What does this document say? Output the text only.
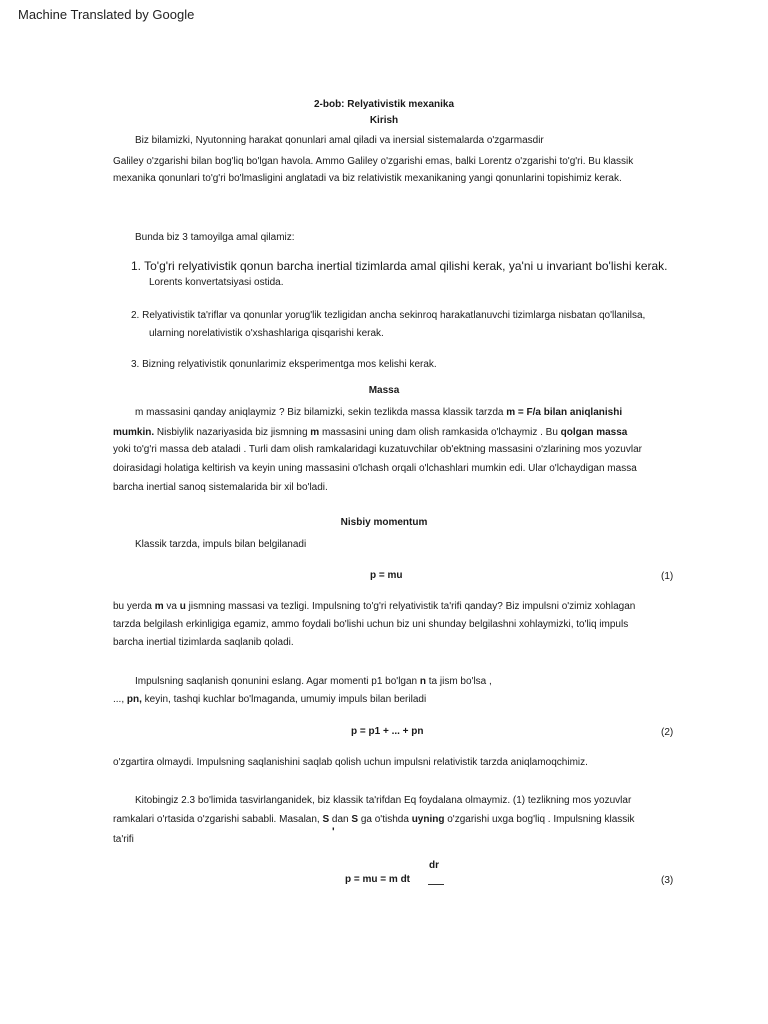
Machine Translated by Google
2-bob: Relyativistik mexanika
Kirish
Biz bilamizki, Nyutonning harakat qonunlari amal qiladi va inersial sistemalarda o'zgarmasdir
Galiley o'zgarishi bilan bog'liq bo'lgan havola. Ammo Galiley o'zgarishi emas, balki Lorentz o'zgarishi to'g'ri. Bu klassik
mexanika qonunlari to'g'ri bo'lmasligini anglatadi va biz relativistik mexanikaning yangi qonunlarini topishimiz kerak.
Bunda biz 3 tamoyilga amal qilamiz:
1. To'g'ri relyativistik qonun barcha inertial tizimlarda amal qilishi kerak, ya'ni u invariant bo'lishi kerak.
Lorents konvertatsiyasi ostida.
2. Relyativistik ta'riflar va qonunlar yorug'lik tezligidan ancha sekinroq harakatlanuvchi tizimlarga nisbatan qo'llanilsa,
ularning norelativistik o'xshashlariga qisqarishi kerak.
3. Bizning relyativistik qonunlarimiz eksperimentga mos kelishi kerak.
Massa
m massasini qanday aniqlaymiz ? Biz bilamizki, sekin tezlikda massa klassik tarzda m = F/a bilan aniqlanishi
mumkin. Nisbiylik nazariyasida biz jismning m massasini uning dam olish ramkasida o'lchaymiz . Bu qolgan massa
yoki to'g'ri massa deb ataladi . Turli dam olish ramkalaridagi kuzatuvchilar ob'ektning massasini o'zlarining mos yozuvlar
doirasidagi holatiga keltirish va keyin uning massasini o'lchash orqali o'lchashlari mumkin edi. Ular o'lchaydigan massa
barcha inertial sanoq sistemalarida bir xil bo'ladi.
Nisbiy momentum
Klassik tarzda, impuls bilan belgilanadi
p = mu	(1)
bu yerda m va u jismning massasi va tezligi. Impulsning to'g'ri relyativistik ta'rifi qanday? Biz impulsni o'zimiz xohlagan
tarzda belgilash erkinligiga egamiz, ammo foydali bo'lishi uchun biz uni shunday belgilashni xohlaymizki, to'liq impuls
barcha inertial tizimlarda saqlanib qoladi.
Impulsning saqlanish qonunini eslang. Agar momenti p1 bo'lgan n ta jism bo'lsa ,
..., pn, keyin, tashqi kuchlar bo'lmaganda, umumiy impuls bilan beriladi
p = p1 + ... + pn	(2)
o'zgartira olmaydi. Impulsning saqlanishini saqlab qolish uchun impulsni relativistik tarzda aniqlamoqchimiz.
Kitobingiz 2.3 bo'limida tasvirlanganidek, biz klassik ta'rifdan Eq foydalana olmaymiz. (1) tezlikning mos yozuvlar
ramkalari o'rtasida o'zgarishi sababli. Masalan, S dan S ga o'tishda uyning o'zgarishi uxga bog'liq . Impulsning klassik
ta'rifi
'
dr
p = mu = m dt	(3)
